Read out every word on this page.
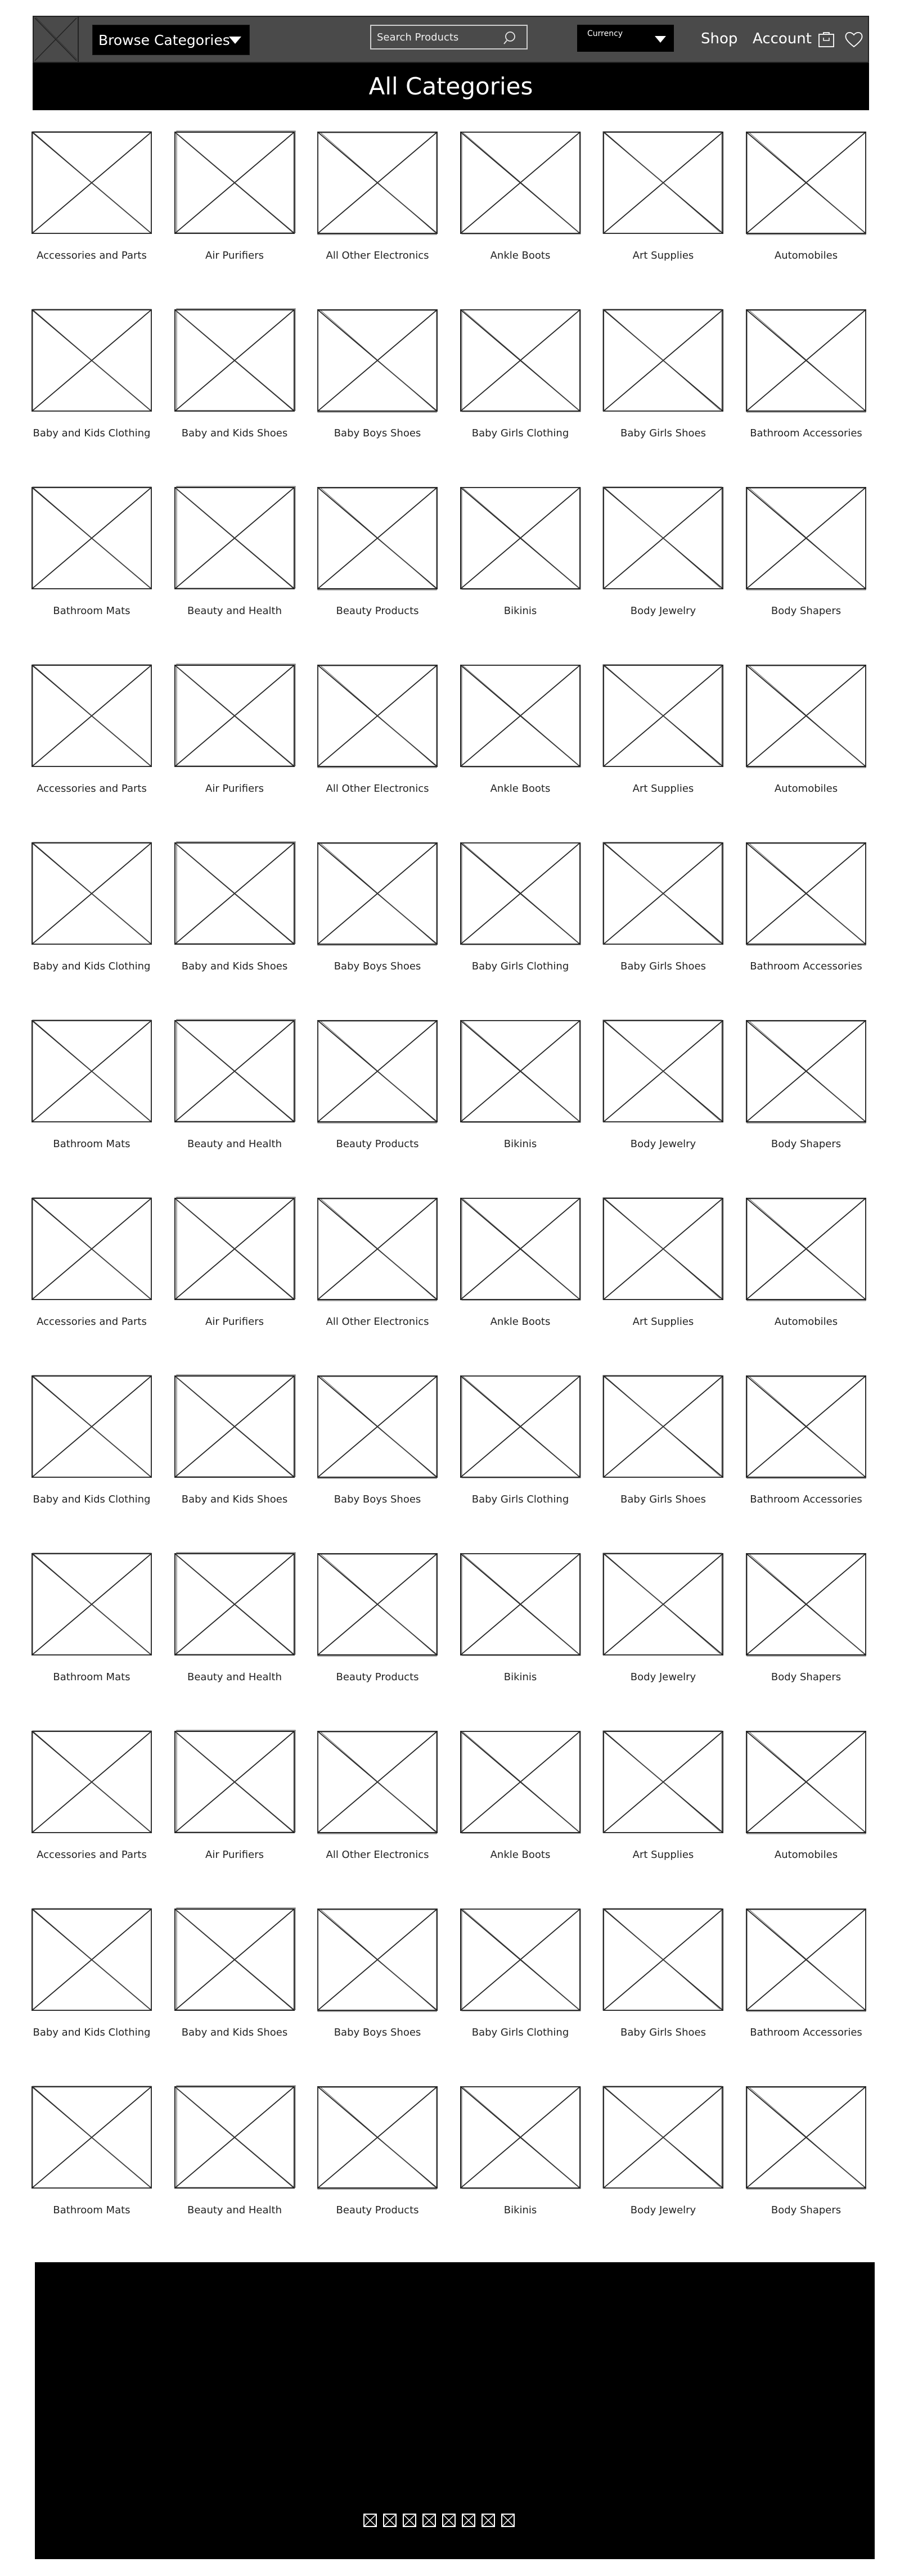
Browse Categories
Search Products	Currency	Shop Account
All Categories
Accessories and Parts	Air Purifiers	All Other Electronics	Ankle Boots	Art Supplies	Automobiles
Baby and Kids Clothing	Baby and Kids Shoes	Baby Boys Shoes	Baby Girls Clothing	Baby Girls Shoes	Bathroom Accessories
Bathroom Mats	Beauty and Health	Beauty Products	Bikinis	Body Jewelry	Body Shapers
Accessories and Parts	Air Purifiers	All Other Electronics	Ankle Boots	Art Supplies	Automobiles
Baby and Kids Clothing	Baby and Kids Shoes	Baby Boys Shoes	Baby Girls Clothing	Baby Girls Shoes	Bathroom Accessories
Bathroom Mats	Beauty and Health	Beauty Products	Bikinis	Body Jewelry	Body Shapers
Accessories and Parts	Air Purifiers	All Other Electronics	Ankle Boots	Art Supplies	Automobiles
Baby and Kids Clothing	Baby and Kids Shoes	Baby Boys Shoes	Baby Girls Clothing	Baby Girls Shoes	Bathroom Accessories
Bathroom Mats	Beauty and Health	Beauty Products	Bikinis	Body Jewelry	Body Shapers
Accessories and Parts	Air Purifiers	All Other Electronics	Ankle Boots	Art Supplies	Automobiles
Baby and Kids Clothing	Baby and Kids Shoes	Baby Boys Shoes	Baby Girls Clothing	Baby Girls Shoes	Bathroom Accessories
Bathroom Mats	Beauty and Health	Beauty Products	Bikinis	Body Jewelry	Body Shapers
